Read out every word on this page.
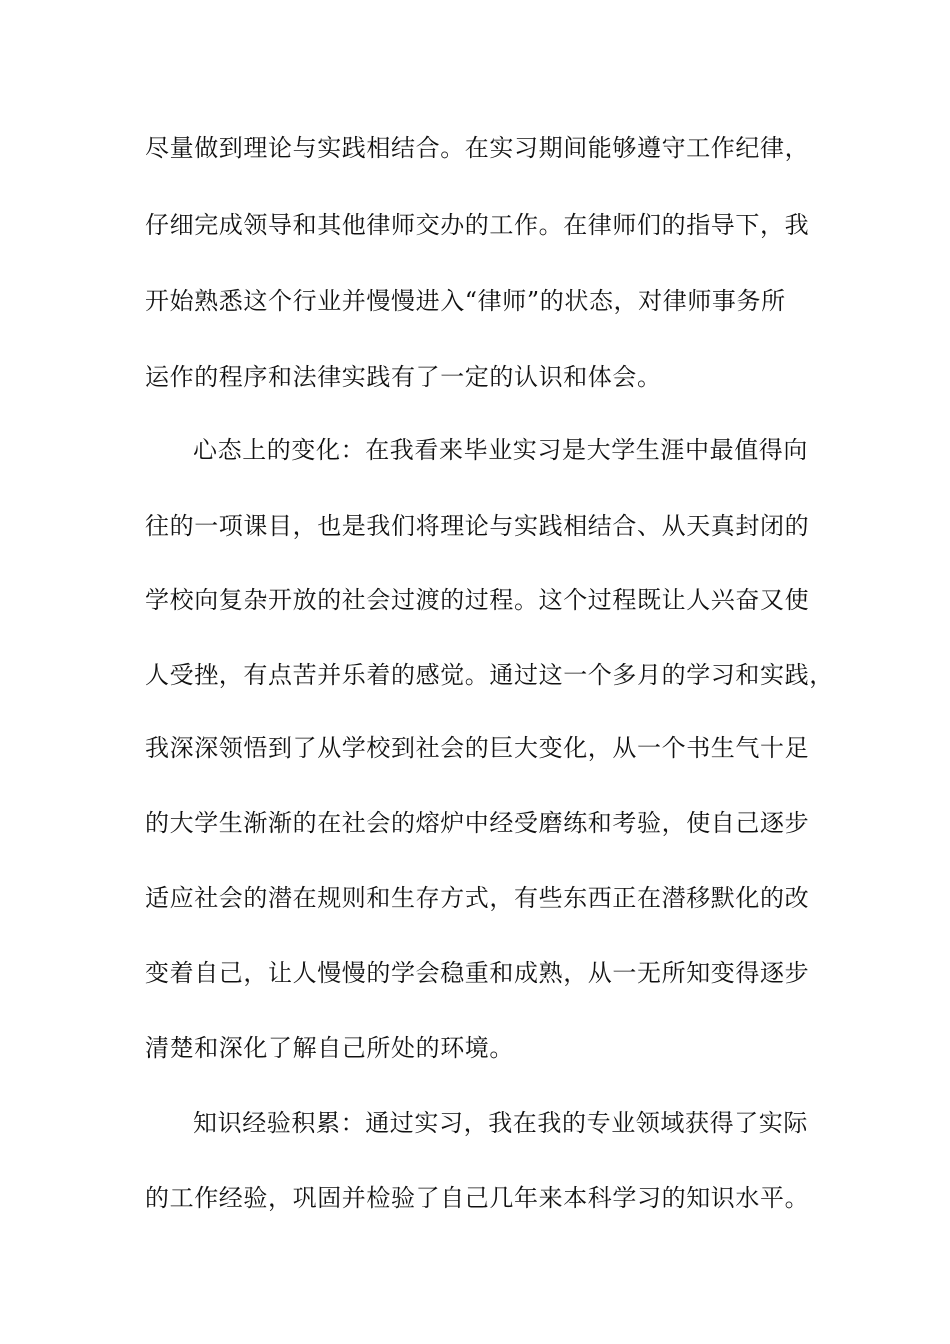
尽量做到理论与实践相结合。在实习期间能够遵守工作纪律，
仔细完成领导和其他律师交办的工作。在律师们的指导下，我
开始熟悉这个行业并慢慢进入“律师”的状态，对律师事务所
运作的程序和法律实践有了一定的认识和体会。
心态上的变化：在我看来毕业实习是大学生涯中最值得向
往的一项课目，也是我们将理论与实践相结合、从天真封闭的
学校向复杂开放的社会过渡的过程。这个过程既让人兴奋又使
人受挫，有点苦并乐着的感觉。通过这一个多月的学习和实践，
我深深领悟到了从学校到社会的巨大变化，从一个书生气十足
的大学生渐渐的在社会的熔炉中经受磨练和考验，使自己逐步
适应社会的潜在规则和生存方式，有些东西正在潜移默化的改
变着自己，让人慢慢的学会稳重和成熟，从一无所知变得逐步
清楚和深化了解自己所处的环境。
知识经验积累：通过实习，我在我的专业领域获得了实际
的工作经验，巩固并检验了自己几年来本科学习的知识水平。
